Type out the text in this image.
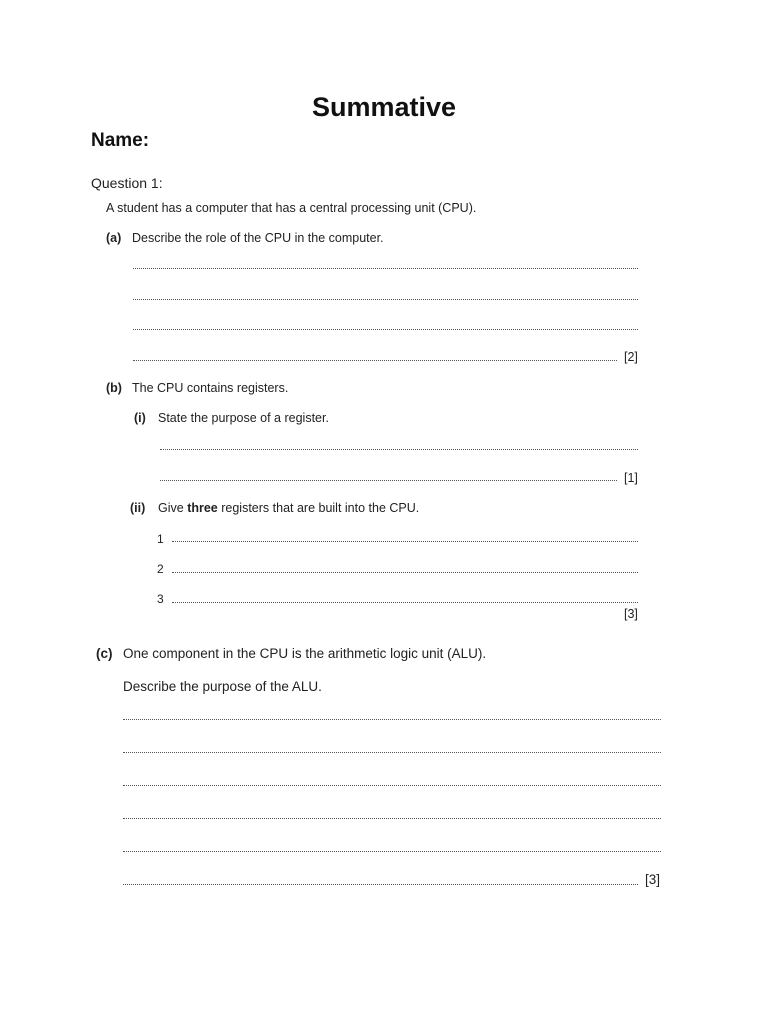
Summative
Name:
Question 1:
A student has a computer that has a central processing unit (CPU).
(a) Describe the role of the CPU in the computer.
[2]
(b) The CPU contains registers.
(i) State the purpose of a register.
[1]
(ii) Give three registers that are built into the CPU.
1
2
3
[3]
(c) One component in the CPU is the arithmetic logic unit (ALU).
Describe the purpose of the ALU.
[3]
